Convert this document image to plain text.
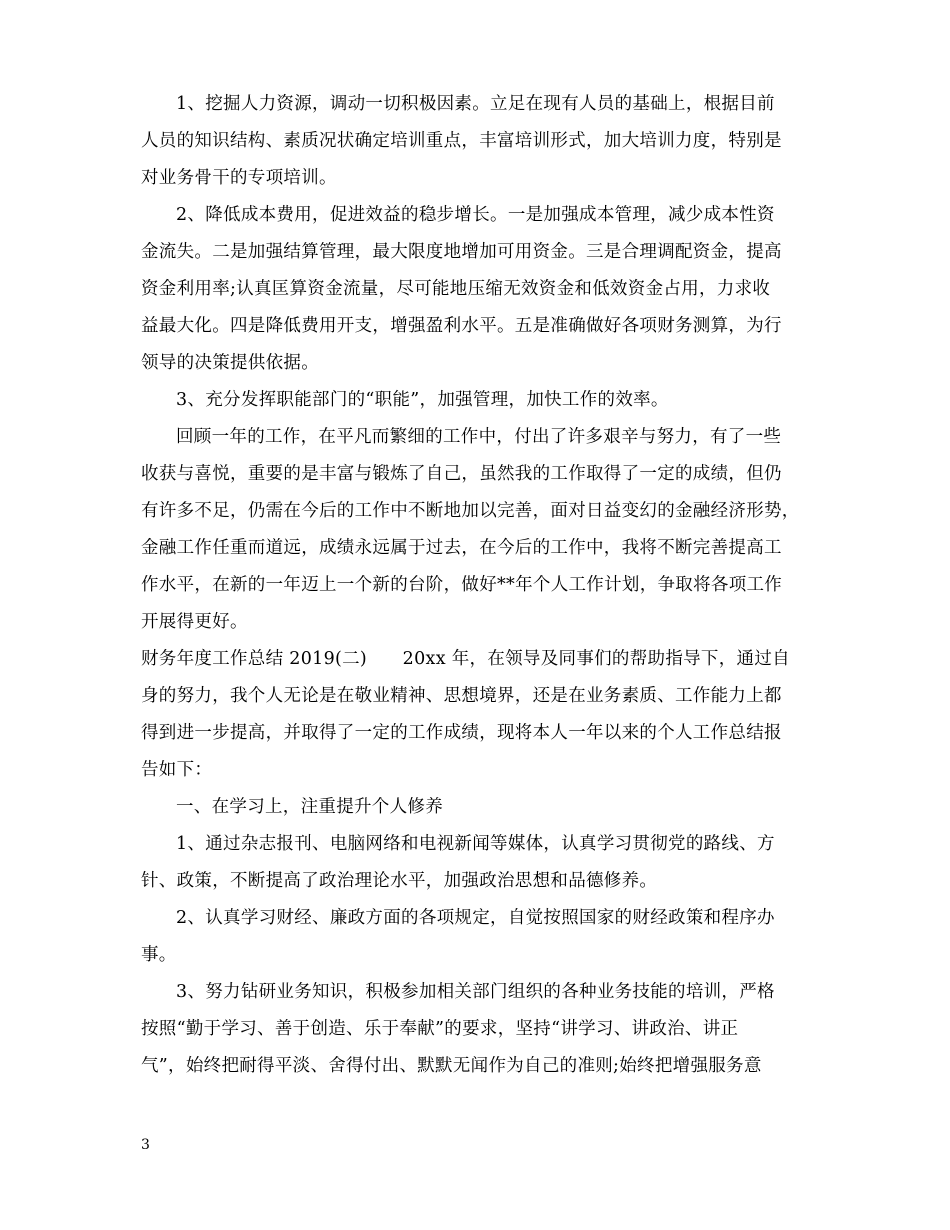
1、挖掘人力资源，调动一切积极因素。立足在现有人员的基础上，根据目前
人员的知识结构、素质况状确定培训重点，丰富培训形式，加大培训力度，特别是
对业务骨干的专项培训。
2、降低成本费用，促进效益的稳步增长。一是加强成本管理，减少成本性资
金流失。二是加强结算管理，最大限度地增加可用资金。三是合理调配资金，提高
资金利用率;认真匡算资金流量，尽可能地压缩无效资金和低效资金占用，力求收
益最大化。四是降低费用开支，增强盈利水平。五是准确做好各项财务测算，为行
领导的决策提供依据。
3、充分发挥职能部门的“职能”，加强管理，加快工作的效率。
回顾一年的工作，在平凡而繁细的工作中，付出了许多艰辛与努力，有了一些
收获与喜悦，重要的是丰富与锻炼了自己，虽然我的工作取得了一定的成绩，但仍
有许多不足，仍需在今后的工作中不断地加以完善，面对日益变幻的金融经济形势，
金融工作任重而道远，成绩永远属于过去，在今后的工作中，我将不断完善提高工
作水平，在新的一年迈上一个新的台阶，做好**年个人工作计划，争取将各项工作
开展得更好。
财务年度工作总结 2019(二)　　20xx 年，在领导及同事们的帮助指导下，通过自
身的努力，我个人无论是在敬业精神、思想境界，还是在业务素质、工作能力上都
得到进一步提高，并取得了一定的工作成绩，现将本人一年以来的个人工作总结报
告如下：
一、在学习上，注重提升个人修养
1、通过杂志报刊、电脑网络和电视新闻等媒体，认真学习贯彻党的路线、方
针、政策，不断提高了政治理论水平，加强政治思想和品德修养。
2、认真学习财经、廉政方面的各项规定，自觉按照国家的财经政策和程序办
事。
3、努力钻研业务知识，积极参加相关部门组织的各种业务技能的培训，严格
按照“勤于学习、善于创造、乐于奉献”的要求，坚持“讲学习、讲政治、讲正
气”，始终把耐得平淡、舍得付出、默默无闻作为自己的准则;始终把增强服务意
3
